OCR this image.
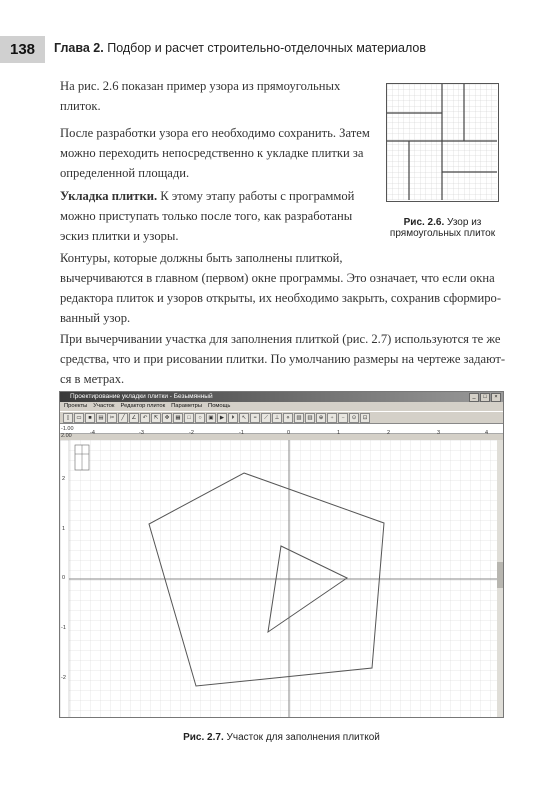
138	Глава 2. Подбор и расчет строительно-отделочных материалов
На рис. 2.6 показан пример узора из прямоугольных
плиток.
После разработки узора его необходимо сохранить. Затем
можно переходить непосредственно к укладке плитки за
определенной площади.
Укладка плитки. К этому этапу работы с программой
можно приступать только после того, как разработаны
эскиз плитки и узоры.
Рис. 2.6. Узор из
прямоугольных плиток
Контуры, которые должны быть заполнены плиткой,
вычерчиваются в главном (первом) окне программы. Это означает, что если окна
редактора плиток и узоров открыты, их необходимо закрыть, сохранив сформиро-
ванный узор.
При вычерчивании участка для заполнения плиткой (рис. 2.7) используются те же
средства, что и при рисовании плитки. По умолчанию размеры на чертеже задают-
ся в метрах.
Проектирование укладки плитки - Безымянный	_	□	×
Проекты Участок Редактор плиток Параметры Помощь
▯	▭	■	▤	✂	╱	∠	↶	⇱	✥	▦	□	○	▣	▶	⏵	↖	≡	⟋	⊥	⋄	▧	▥	⊕	+	−	⊙	⊡
-1.00
2.00	-4	-3	-2	-1	0	1	2	3	4
2
1
0
-1
-2
Рис. 2.7. Участок для заполнения плиткой
